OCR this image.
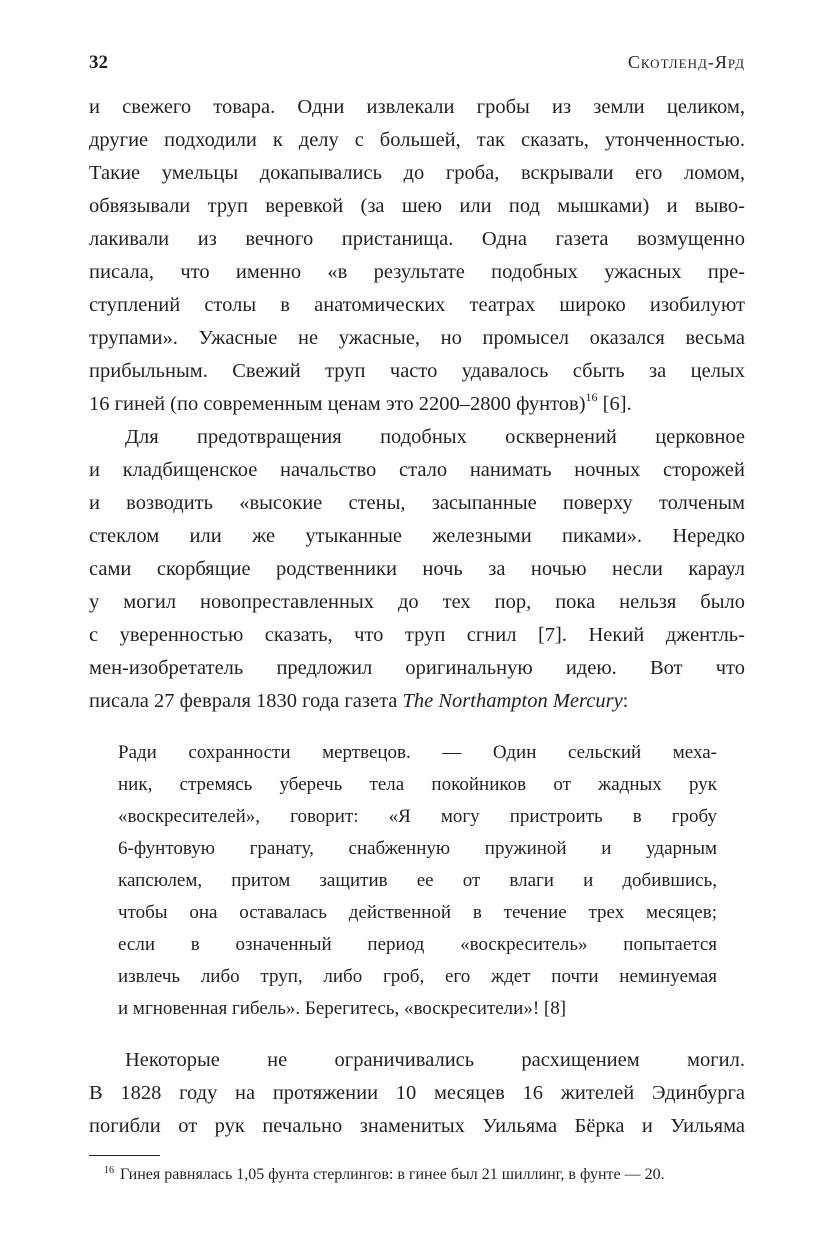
32	Скотленд-Ярд
и свежего товара. Одни извлекали гробы из земли целиком,
другие подходили к делу с большей, так сказать, утонченностью.
Такие умельцы докапывались до гроба, вскрывали его ломом,
обвязывали труп веревкой (за шею или под мышками) и выво-
лакивали из вечного пристанища. Одна газета возмущенно
писала, что именно «в результате подобных ужасных пре-
ступлений столы в анатомических театрах широко изобилуют
трупами». Ужасные не ужасные, но промысел оказался весьма
прибыльным. Свежий труп часто удавалось сбыть за целых
16 гиней (по современным ценам это 2200–2800 фунтов)$^{16}$ [6].
Для предотвращения подобных осквернений церковное
и кладбищенское начальство стало нанимать ночных сторожей
и возводить «высокие стены, засыпанные поверху толченым
стеклом или же утыканные железными пиками». Нередко
сами скорбящие родственники ночь за ночью несли караул
у могил новопреставленных до тех пор, пока нельзя было
с уверенностью сказать, что труп сгнил [7]. Некий джентль-
мен-изобретатель предложил оригинальную идею. Вот что
писала 27 февраля 1830 года газета The Northampton Mercury:
Ради сохранности мертвецов. — Один сельский меха-
ник, стремясь уберечь тела покойников от жадных рук
«воскресителей», говорит: «Я могу пристроить в гробу
6-фунтовую гранату, снабженную пружиной и ударным
капсюлем, притом защитив ее от влаги и добившись,
чтобы она оставалась действенной в течение трех месяцев;
если в означенный период «воскреситель» попытается
извлечь либо труп, либо гроб, его ждет почти неминуемая
и мгновенная гибель». Берегитесь, «воскресители»! [8]
Некоторые не ограничивались расхищением могил.
В 1828 году на протяжении 10 месяцев 16 жителей Эдинбурга
погибли от рук печально знаменитых Уильяма Бёрка и Уильяма
$^{16}$ Гинея равнялась 1,05 фунта стерлингов: в гинее был 21 шиллинг, в фунте — 20.
